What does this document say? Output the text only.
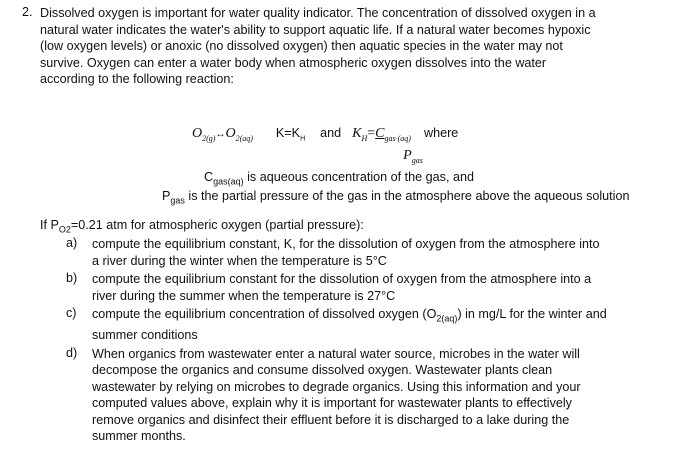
2. Dissolved oxygen is important for water quality indicator. The concentration of dissolved oxygen in a
natural water indicates the water's ability to support aquatic life. If a natural water becomes hypoxic
(low oxygen levels) or anoxic (no dissolved oxygen) then aquatic species in the water may not
survive. Oxygen can enter a water body when atmospheric oxygen dissolves into the water
according to the following reaction:
$O_{2(g)}\leftrightarrow O_{2(aq)}$ $K=K_H$ and $K_H=C_{gas (aq)}$
$P_{gas}$
where
$C_{gas(aq)}$ is aqueous concentration of the gas, and
$P_{gas}$ is the partial pressure of the gas in the atmosphere above the aqueous solution
If $P_{O2}=0.21$ atm for atmospheric oxygen (partial pressure):
a)	compute the equilibrium constant, K, for the dissolution of oxygen from the atmosphere into
a river during the winter when the temperature is 5°C
b)	compute the equilibrium constant for the dissolution of oxygen from the atmosphere into a
river during the summer when the temperature is 27°C
c)	compute the equilibrium concentration of dissolved oxygen $(O_{2(aq)})$ in mg/L for the winter and
summer conditions
d)	When organics from wastewater enter a natural water source, microbes in the water will
decompose the organics and consume dissolved oxygen. Wastewater plants clean
wastewater by relying on microbes to degrade organics. Using this information and your
computed values above, explain why it is important for wastewater plants to effectively
remove organics and disinfect their effluent before it is discharged to a lake during the
summer months.
